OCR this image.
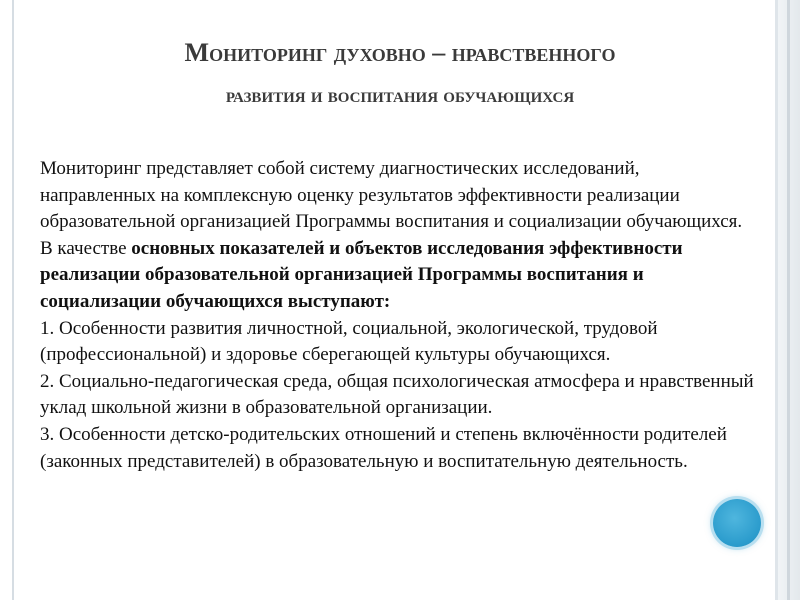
Мониторинг духовно – нравственного
развития и воспитания обучающихся

Мониторинг представляет собой систему диагностических исследований, направленных на комплексную оценку результатов эффективности реализации образовательной организацией Программы воспитания и социализации обучающихся.

В качестве основных показателей и объектов исследования эффективности реализации образовательной организацией Программы воспитания и социализации обучающихся выступают:

1. Особенности развития личностной, социальной, экологической, трудовой (профессиональной) и здоровье сберегающей культуры обучающихся.

2. Социально-педагогическая среда, общая психологическая атмосфера и нравственный уклад школьной жизни в образовательной организации.

3. Особенности детско-родительских отношений и степень включённости родителей (законных представителей) в образовательную и воспитательную деятельность.
